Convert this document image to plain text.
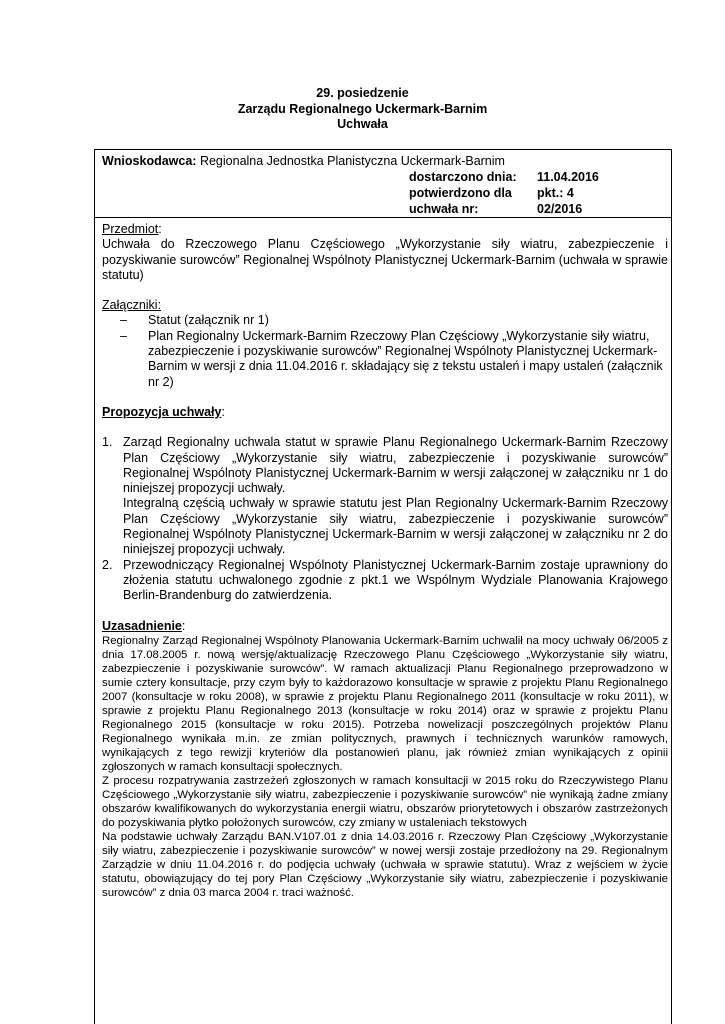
29. posiedzenie
Zarządu Regionalnego Uckermark-Barnim
Uchwała
Wnioskodawca: Regionalna Jednostka Planistyczna Uckermark-Barnim
dostarczono dnia:	11.04.2016
potwierdzono dla	pkt.: 4
uchwała nr:	02/2016

Przedmiot:

Uchwała do Rzeczowego Planu Częściowego „Wykorzystanie siły wiatru, zabezpieczenie i pozyskiwanie surowców” Regionalnej Wspólnoty Planistycznej Uckermark-Barnim (uchwała w sprawie statutu)

Załączniki:

– Statut (załącznik nr 1)
– Plan Regionalny Uckermark-Barnim Rzeczowy Plan Częściowy „Wykorzystanie siły wiatru, zabezpieczenie i pozyskiwanie surowców” Regionalnej Wspólnoty Planistycznej Uckermark-Barnim w wersji z dnia 11.04.2016 r. składający się z tekstu ustaleń i mapy ustaleń (załącznik nr 2)

Propozycja uchwały:

1. Zarząd Regionalny uchwala statut w sprawie Planu Regionalnego Uckermark-Barnim Rzeczowy Plan Częściowy „Wykorzystanie siły wiatru, zabezpieczenie i pozyskiwanie surowców” Regionalnej Wspólnoty Planistycznej Uckermark-Barnim w wersji załączonej w załączniku nr 1 do niniejszej propozycji uchwały.

Integralną częścią uchwały w sprawie statutu jest Plan Regionalny Uckermark-Barnim Rzeczowy Plan Częściowy „Wykorzystanie siły wiatru, zabezpieczenie i pozyskiwanie surowców” Regionalnej Wspólnoty Planistycznej Uckermark-Barnim w wersji załączonej w załączniku nr 2 do niniejszej propozycji uchwały.

2. Przewodniczący Regionalnej Wspólnoty Planistycznej Uckermark-Barnim zostaje uprawniony do złożenia statutu uchwalonego zgodnie z pkt.1 we Wspólnym Wydziale Planowania Krajowego Berlin-Brandenburg do zatwierdzenia.

Uzasadnienie:

Regionalny Zarząd Regionalnej Wspólnoty Planowania Uckermark-Barnim uchwalił na mocy uchwały 06/2005 z dnia 17.08.2005 r. nową wersję/aktualizację Rzeczowego Planu Częściowego „Wykorzystanie siły wiatru, zabezpieczenie i pozyskiwanie surowców”. W ramach aktualizacji Planu Regionalnego przeprowadzono w sumie cztery konsultacje, przy czym były to każdorazowo konsultacje w sprawie z projektu Planu Regionalnego 2007 (konsultacje w roku 2008), w sprawie z projektu Planu Regionalnego 2011 (konsultacje w roku 2011), w sprawie z projektu Planu Regionalnego 2013 (konsultacje w roku 2014) oraz w sprawie z projektu Planu Regionalnego 2015 (konsultacje w roku 2015). Potrzeba nowelizacji poszczególnych projektów Planu Regionalnego wynikała m.in. ze zmian politycznych, prawnych i technicznych warunków ramowych, wynikających z tego rewizji kryteriów dla postanowień planu, jak również zmian wynikających z opinii zgłoszonych w ramach konsultacji społecznych.

Z procesu rozpatrywania zastrzeżeń zgłoszonych w ramach konsultacji w 2015 roku do Rzeczywistego Planu Częściowego „Wykorzystanie siły wiatru, zabezpieczenie i pozyskiwanie surowców” nie wynikają żadne zmiany obszarów kwalifikowanych do wykorzystania energii wiatru, obszarów priorytetowych i obszarów zastrzeżonych do pozyskiwania płytko położonych surowców, czy zmiany w ustaleniach tekstowych

Na podstawie uchwały Zarządu BAN.V107.01 z dnia 14.03.2016 r. Rzeczowy Plan Częściowy „Wykorzystanie siły wiatru, zabezpieczenie i pozyskiwanie surowców” w nowej wersji zostaje przedłożony na 29. Regionalnym Zarządzie w dniu 11.04.2016 r. do podjęcia uchwały (uchwała w sprawie statutu). Wraz z wejściem w życie statutu, obowiązujący do tej pory Plan Częściowy „Wykorzystanie siły wiatru, zabezpieczenie i pozyskiwanie surowców” z dnia 03 marca 2004 r. traci ważność.
